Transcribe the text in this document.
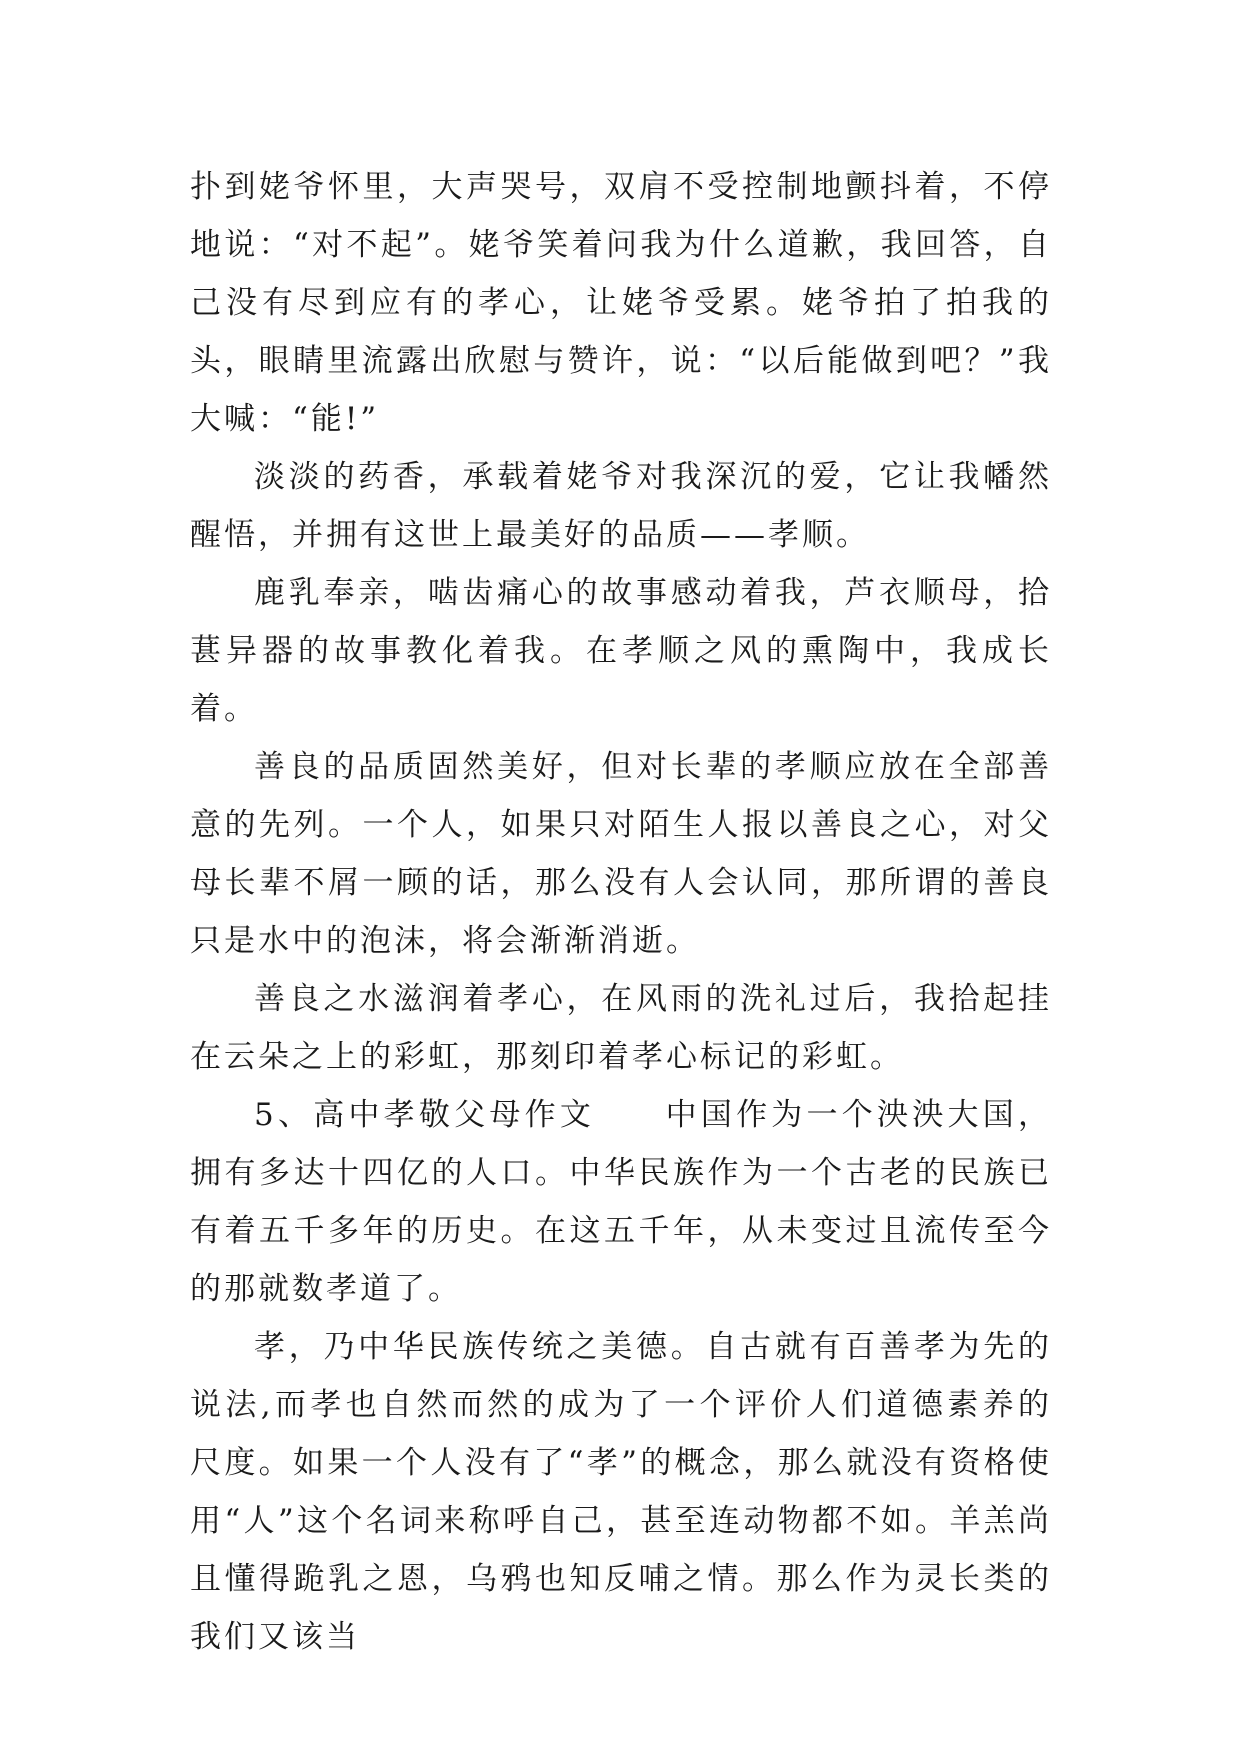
扑到姥爷怀里，大声哭号，双肩不受控制地颤抖着，不停地说：“对不起”。姥爷笑着问我为什么道歉，我回答，自己没有尽到应有的孝心，让姥爷受累。姥爷拍了拍我的头，眼睛里流露出欣慰与赞许，说：“以后能做到吧？”我大喊：“能!”

淡淡的药香，承载着姥爷对我深沉的爱，它让我幡然醒悟，并拥有这世上最美好的品质——孝顺。

鹿乳奉亲，啮齿痛心的故事感动着我，芦衣顺母，拾葚异器的故事教化着我。在孝顺之风的熏陶中，我成长着。

善良的品质固然美好，但对长辈的孝顺应放在全部善意的先列。一个人，如果只对陌生人报以善良之心，对父母长辈不屑一顾的话，那么没有人会认同，那所谓的善良只是水中的泡沫，将会渐渐消逝。

善良之水滋润着孝心，在风雨的洗礼过后，我拾起挂在云朵之上的彩虹，那刻印着孝心标记的彩虹。

5、高中孝敬父母作文　　中国作为一个泱泱大国，拥有多达十四亿的人口。中华民族作为一个古老的民族已有着五千多年的历史。在这五千年，从未变过且流传至今的那就数孝道了。

孝，乃中华民族传统之美德。自古就有百善孝为先的说法,而孝也自然而然的成为了一个评价人们道德素养的尺度。如果一个人没有了“孝”的概念，那么就没有资格使用“人”这个名词来称呼自己，甚至连动物都不如。羊羔尚且懂得跪乳之恩，乌鸦也知反哺之情。那么作为灵长类的我们又该当
